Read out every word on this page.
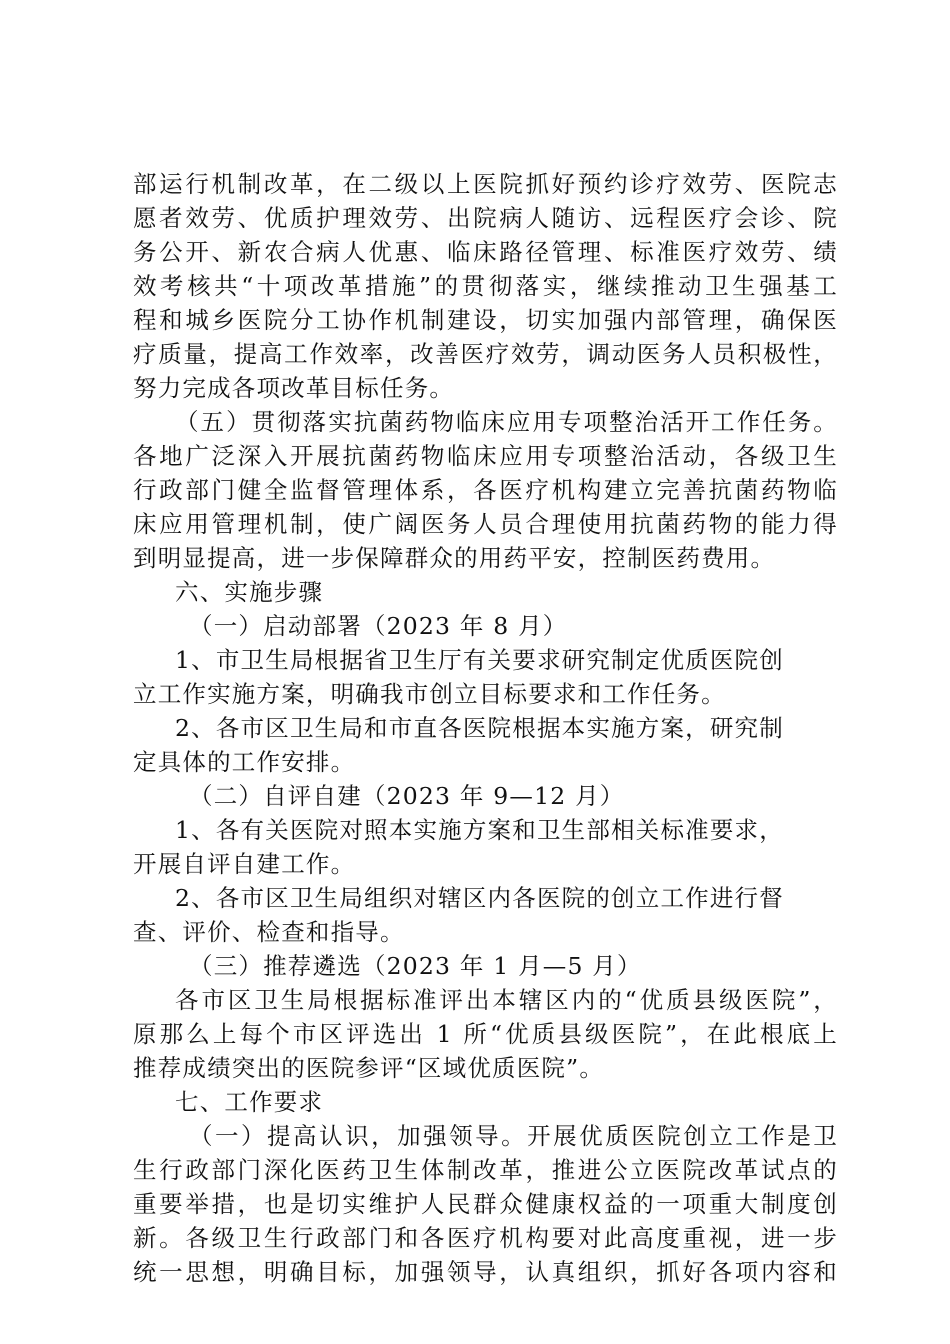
部运行机制改革，在二级以上医院抓好预约诊疗效劳、医院志
愿者效劳、优质护理效劳、出院病人随访、远程医疗会诊、院
务公开、新农合病人优惠、临床路径管理、标准医疗效劳、绩
效考核共“十项改革措施”的贯彻落实，继续推动卫生强基工
程和城乡医院分工协作机制建设，切实加强内部管理，确保医
疗质量，提高工作效率，改善医疗效劳，调动医务人员积极性，
努力完成各项改革目标任务。
（五）贯彻落实抗菌药物临床应用专项整治活开工作任务。
各地广泛深入开展抗菌药物临床应用专项整治活动，各级卫生
行政部门健全监督管理体系，各医疗机构建立完善抗菌药物临
床应用管理机制，使广阔医务人员合理使用抗菌药物的能力得
到明显提高，进一步保障群众的用药平安，控制医药费用。
六、实施步骤
（一）启动部署（2023 年 8 月）
1、市卫生局根据省卫生厅有关要求研究制定优质医院创
立工作实施方案，明确我市创立目标要求和工作任务。
2、各市区卫生局和市直各医院根据本实施方案，研究制
定具体的工作安排。
（二）自评自建（2023 年 9—12 月）
1、各有关医院对照本实施方案和卫生部相关标准要求，
开展自评自建工作。
2、各市区卫生局组织对辖区内各医院的创立工作进行督
查、评价、检查和指导。
（三）推荐遴选（2023 年 1 月—5 月）
各市区卫生局根据标准评出本辖区内的“优质县级医院”，
原那么上每个市区评选出 1 所“优质县级医院”，在此根底上
推荐成绩突出的医院参评“区域优质医院”。
七、工作要求
（一）提高认识，加强领导。开展优质医院创立工作是卫
生行政部门深化医药卫生体制改革，推进公立医院改革试点的
重要举措，也是切实维护人民群众健康权益的一项重大制度创
新。各级卫生行政部门和各医疗机构要对此高度重视，进一步
统一思想，明确目标，加强领导，认真组织，抓好各项内容和
